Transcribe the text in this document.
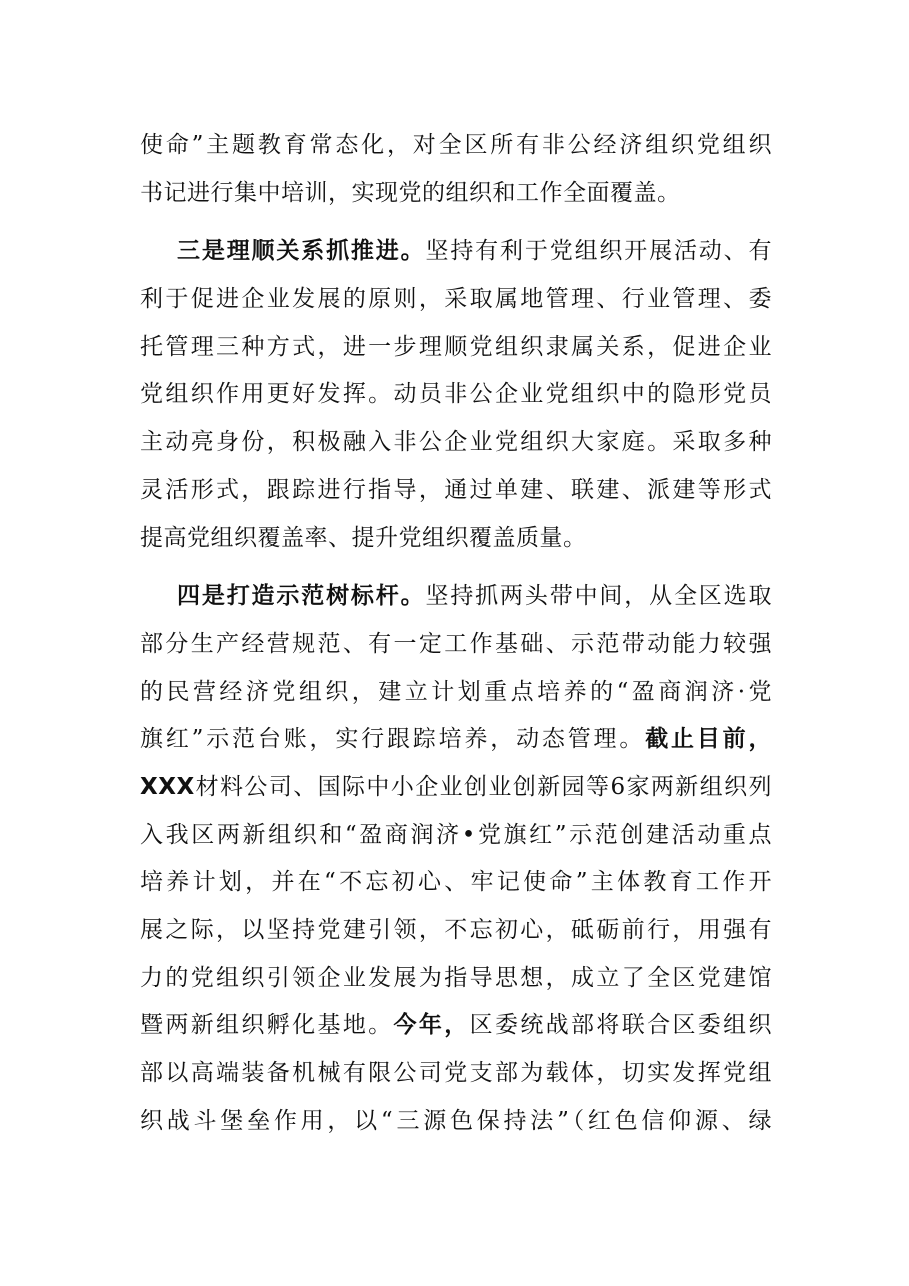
使命”主题教育常态化，对全区所有非公经济组织党组织
书记进行集中培训，实现党的组织和工作全面覆盖。
三是理顺关系抓推进。坚持有利于党组织开展活动、有
利于促进企业发展的原则，采取属地管理、行业管理、委
托管理三种方式，进一步理顺党组织隶属关系，促进企业
党组织作用更好发挥。动员非公企业党组织中的隐形党员
主动亮身份，积极融入非公企业党组织大家庭。采取多种
灵活形式，跟踪进行指导，通过单建、联建、派建等形式
提高党组织覆盖率、提升党组织覆盖质量。
四是打造示范树标杆。坚持抓两头带中间，从全区选取
部分生产经营规范、有一定工作基础、示范带动能力较强
的民营经济党组织，建立计划重点培养的“盈商润济·党
旗红”示范台账，实行跟踪培养，动态管理。截止目前，
XXX材料公司、国际中小企业创业创新园等6家两新组织列
入我区两新组织和“盈商润济•党旗红”示范创建活动重点
培养计划，并在“不忘初心、牢记使命”主体教育工作开
展之际，以坚持党建引领，不忘初心，砥砺前行，用强有
力的党组织引领企业发展为指导思想，成立了全区党建馆
暨两新组织孵化基地。今年，区委统战部将联合区委组织
部以高端装备机械有限公司党支部为载体，切实发挥党组
织战斗堡垒作用，以“三源色保持法”（红色信仰源、绿
